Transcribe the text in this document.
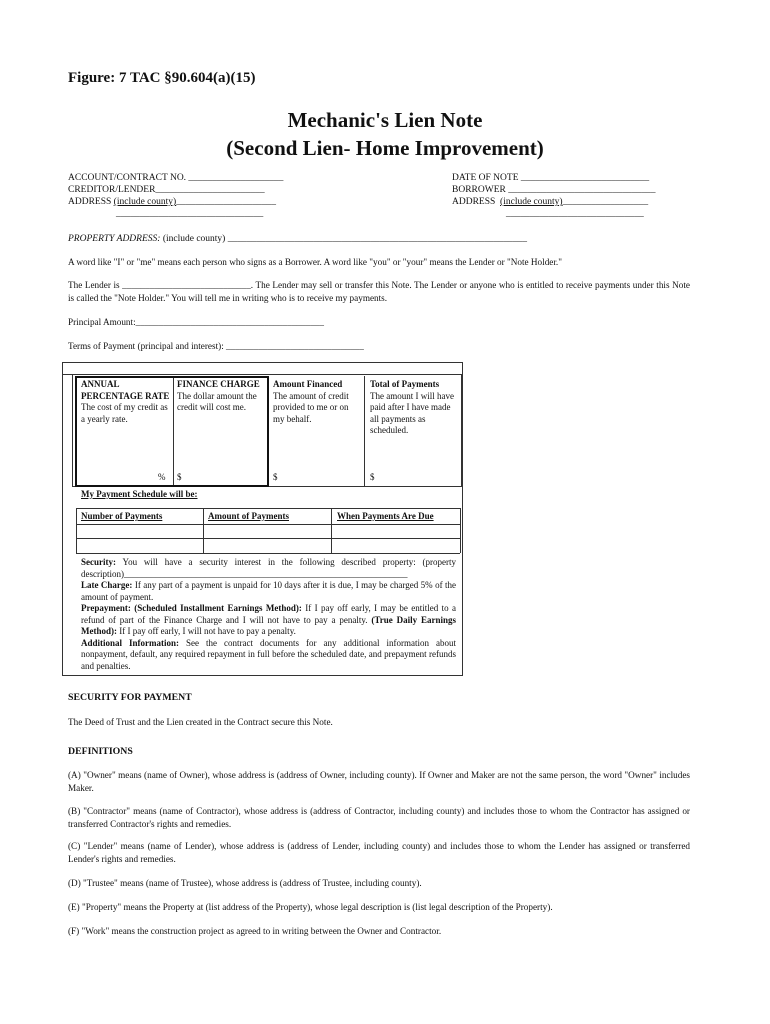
Figure: 7 TAC §90.604(a)(15)
Mechanic's Lien Note
(Second Lien- Home Improvement)
ACCOUNT/CONTRACT NO. ____________________
CREDITOR/LENDER_______________________
ADDRESS (include county)_____________________
_______________________________
DATE OF NOTE ___________________________
BORROWER _______________________________
ADDRESS (include county)__________________
_____________________________
PROPERTY ADDRESS: (include county) _______________________________________________________________
A word like "I" or "me" means each person who signs as a Borrower. A word like "you" or "your" means the Lender or "Note Holder."
The Lender is ____________________________. The Lender may sell or transfer this Note. The Lender or anyone who is entitled to receive payments under this Note is called the "Note Holder." You will tell me in writing who is to receive my payments.
Principal Amount:_________________________________________
Terms of Payment (principal and interest): ______________________________
ANNUAL PERCENTAGE RATE
The cost of my credit as a yearly rate.
%
FINANCE CHARGE
The dollar amount the credit will cost me.
$
Amount Financed
The amount of credit provided to me or on my behalf.
$
Total of Payments
The amount I will have paid after I have made all payments as scheduled.
$
My Payment Schedule will be:
Number of Payments	Amount of Payments	When Payments Are Due
Security: You will have a security interest in the following described property: (property description)_______________________________________________________________
Late Charge: If any part of a payment is unpaid for 10 days after it is due, I may be charged 5% of the amount of payment.
Prepayment: (Scheduled Installment Earnings Method): If I pay off early, I may be entitled to a refund of part of the Finance Charge and I will not have to pay a penalty. (True Daily Earnings Method): If I pay off early, I will not have to pay a penalty.
Additional Information: See the contract documents for any additional information about nonpayment, default, any required repayment in full before the scheduled date, and prepayment refunds and penalties.
SECURITY FOR PAYMENT
The Deed of Trust and the Lien created in the Contract secure this Note.
DEFINITIONS
(A) "Owner" means (name of Owner), whose address is (address of Owner, including county). If Owner and Maker are not the same person, the word "Owner" includes Maker.
(B) "Contractor" means (name of Contractor), whose address is (address of Contractor, including county) and includes those to whom the Contractor has assigned or transferred Contractor's rights and remedies.
(C) "Lender" means (name of Lender), whose address is (address of Lender, including county) and includes those to whom the Lender has assigned or transferred Lender's rights and remedies.
(D) "Trustee" means (name of Trustee), whose address is (address of Trustee, including county).
(E) "Property" means the Property at (list address of the Property), whose legal description is (list legal description of the Property).
(F) "Work" means the construction project as agreed to in writing between the Owner and Contractor.
